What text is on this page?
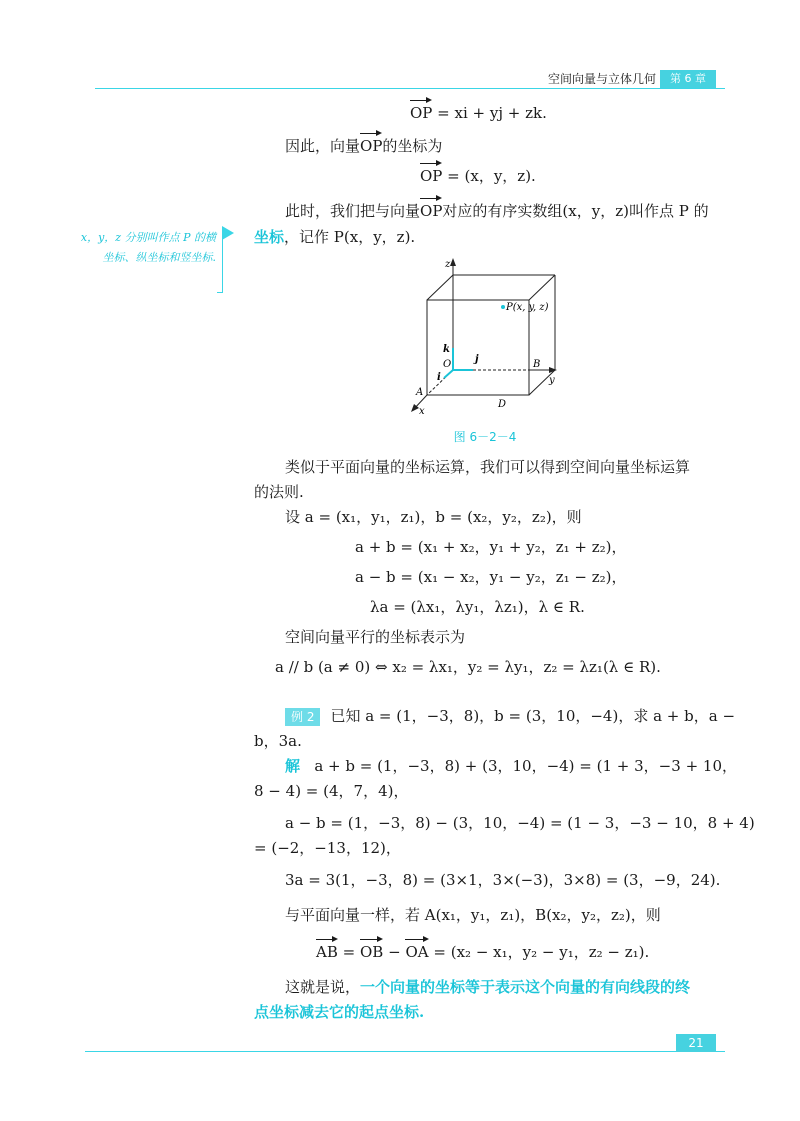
空间向量与立体几何	第 6 章
OP = xi + yj + zk.
因此，向量OP的坐标为
OP = (x，y，z).
此时，我们把与向量OP对应的有序实数组(x，y，z)叫作点 P 的
坐标，记作 P(x，y，z).
x，y，z 分别叫作点 P 的横坐标、纵坐标和竖坐标.
z
y
x
P(x, y, z)
k
j
i
O
A
B
D
图 6－2－4
类似于平面向量的坐标运算，我们可以得到空间向量坐标运算
的法则.
设 a = (x₁，y₁，z₁)，b = (x₂，y₂，z₂)，则
a + b = (x₁ + x₂，y₁ + y₂，z₁ + z₂)，
a − b = (x₁ − x₂，y₁ − y₂，z₁ − z₂)，
λa = (λx₁，λy₁，λz₁)，λ ∈ R.
空间向量平行的坐标表示为
a // b (a ≠ 0) ⇔ x₂ = λx₁，y₂ = λy₁，z₂ = λz₁(λ ∈ R).
例 2 已知 a = (1，−3，8)，b = (3，10，−4)，求 a + b，a −
b，3a.
解 a + b = (1，−3，8) + (3，10，−4) = (1 + 3，−3 + 10，
8 − 4) = (4，7，4)，
a − b = (1，−3，8) − (3，10，−4) = (1 − 3，−3 − 10，8 + 4)
= (−2，−13，12)，
3a = 3(1，−3，8) = (3×1，3×(−3)，3×8) = (3，−9，24).
与平面向量一样，若 A(x₁，y₁，z₁)，B(x₂，y₂，z₂)，则
AB = OB − OA = (x₂ − x₁，y₂ − y₁，z₂ − z₁).
这就是说，一个向量的坐标等于表示这个向量的有向线段的终
点坐标减去它的起点坐标.
21
